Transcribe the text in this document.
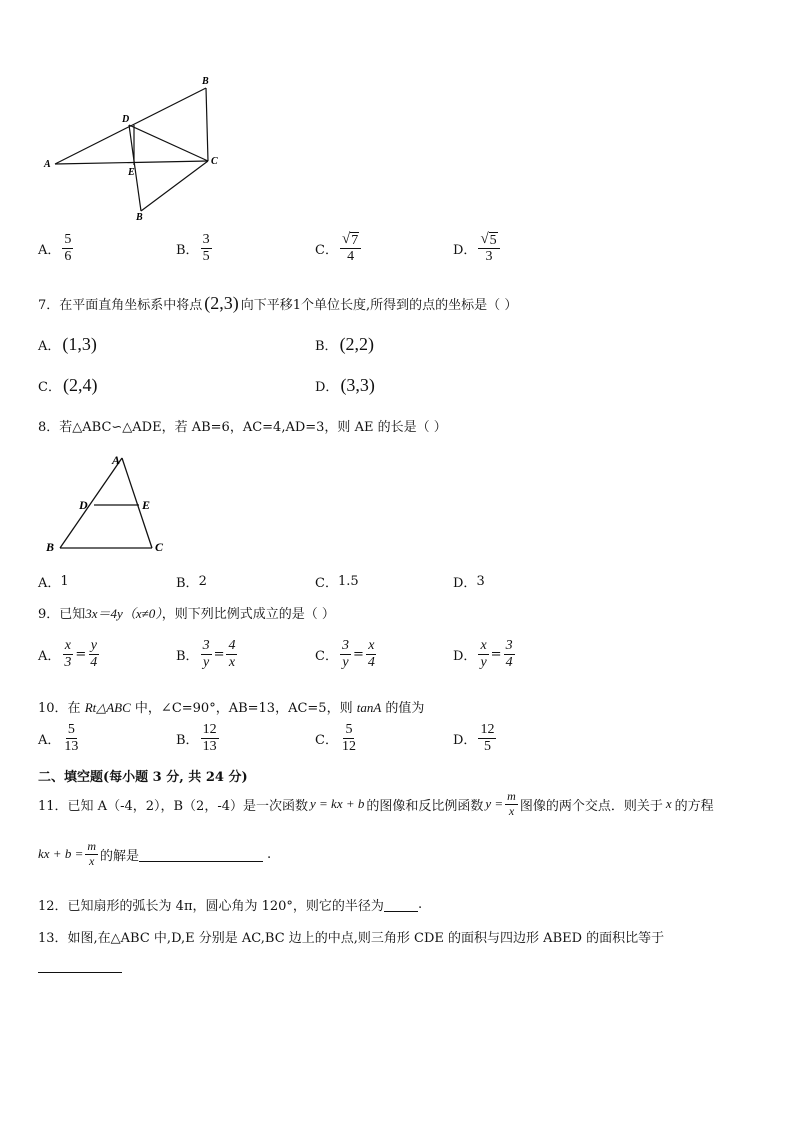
B
D
A	C
E
B
A． $\frac{5}{6}$	B． $\frac{3}{5}$	C． $\frac{√ 7}{4}$	D． $\frac{√ 5}{3}$
7．在平面直角坐标系中将点 (2,3) 向下平移1个单位长度,所得到的点的坐标是（ ）
A． (1,3)	B． (2,2)
C． (2,4)	D． (3,3)
8．若△ABC∽△ADE，若 AB=6，AC=4,AD=3，则 AE 的长是（ ）
A
D	E
B	C
A． 1	B． 2	C． 1.5	D． 3
9．已知3x＝4y（x≠0），则下列比例式成立的是（ ）
A． $\frac{x}{3} = \frac{y}{4}$	B． $\frac{3}{y} = \frac{4}{x}$	C． $\frac{3}{y} = \frac{x}{4}$	D． $\frac{x}{y} = \frac{3}{4}$
10．在 Rt△ABC 中，∠C=90°，AB=13，AC=5，则 tanA 的值为
A． $\frac{5}{13}$	B． $\frac{12}{13}$	C． $\frac{5}{12}$	D． $\frac{12}{5}$
二、填空题(每小题 3 分, 共 24 分)
11．已知 A（-4，2），B（2，-4）是一次函数 y = kx + b 的图像和反比例函数 $y = \frac{m}{x}$ 图像的两个交点．则关于 x 的方程
kx + $b = \frac{m}{x}$ 的解是	.
12．已知扇形的弧长为 4π，圆心角为 120°，则它的半径为	.
13．如图,在△ABC 中,D,E 分别是 AC,BC 边上的中点,则三角形 CDE 的面积与四边形 ABED 的面积比等于
